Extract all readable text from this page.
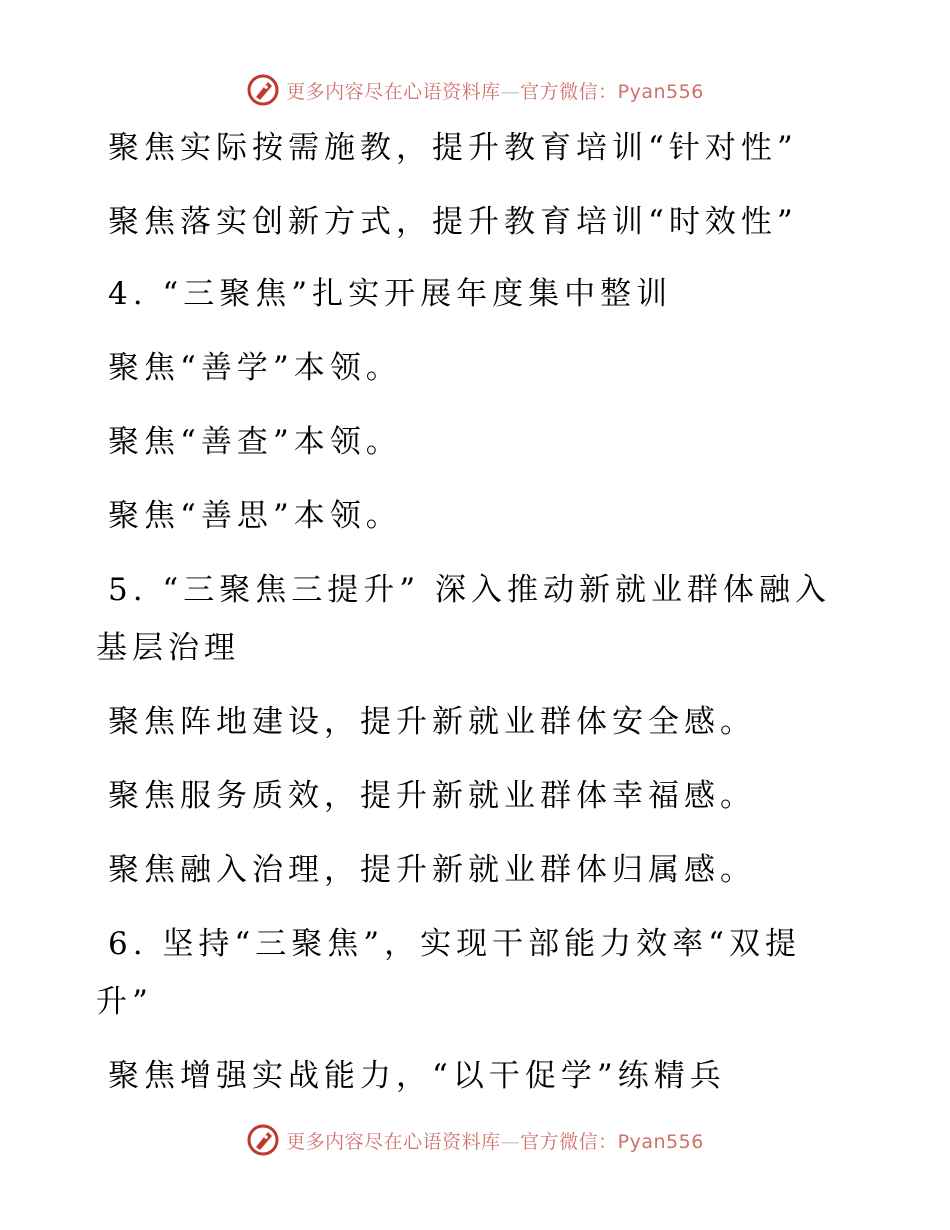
更多内容尽在心语资料库—官方微信：Pyan556
聚焦实际按需施教，提升教育培训“针对性”
聚焦落实创新方式，提升教育培训“时效性”
4. “三聚焦”扎实开展年度集中整训
聚焦“善学”本领。
聚焦“善查”本领。
聚焦“善思”本领。
5. “三聚焦三提升” 深入推动新就业群体融入
基层治理
聚焦阵地建设，提升新就业群体安全感。
聚焦服务质效，提升新就业群体幸福感。
聚焦融入治理，提升新就业群体归属感。
6. 坚持“三聚焦”，实现干部能力效率“双提
升”
聚焦增强实战能力，“以干促学”练精兵
更多内容尽在心语资料库—官方微信：Pyan556
